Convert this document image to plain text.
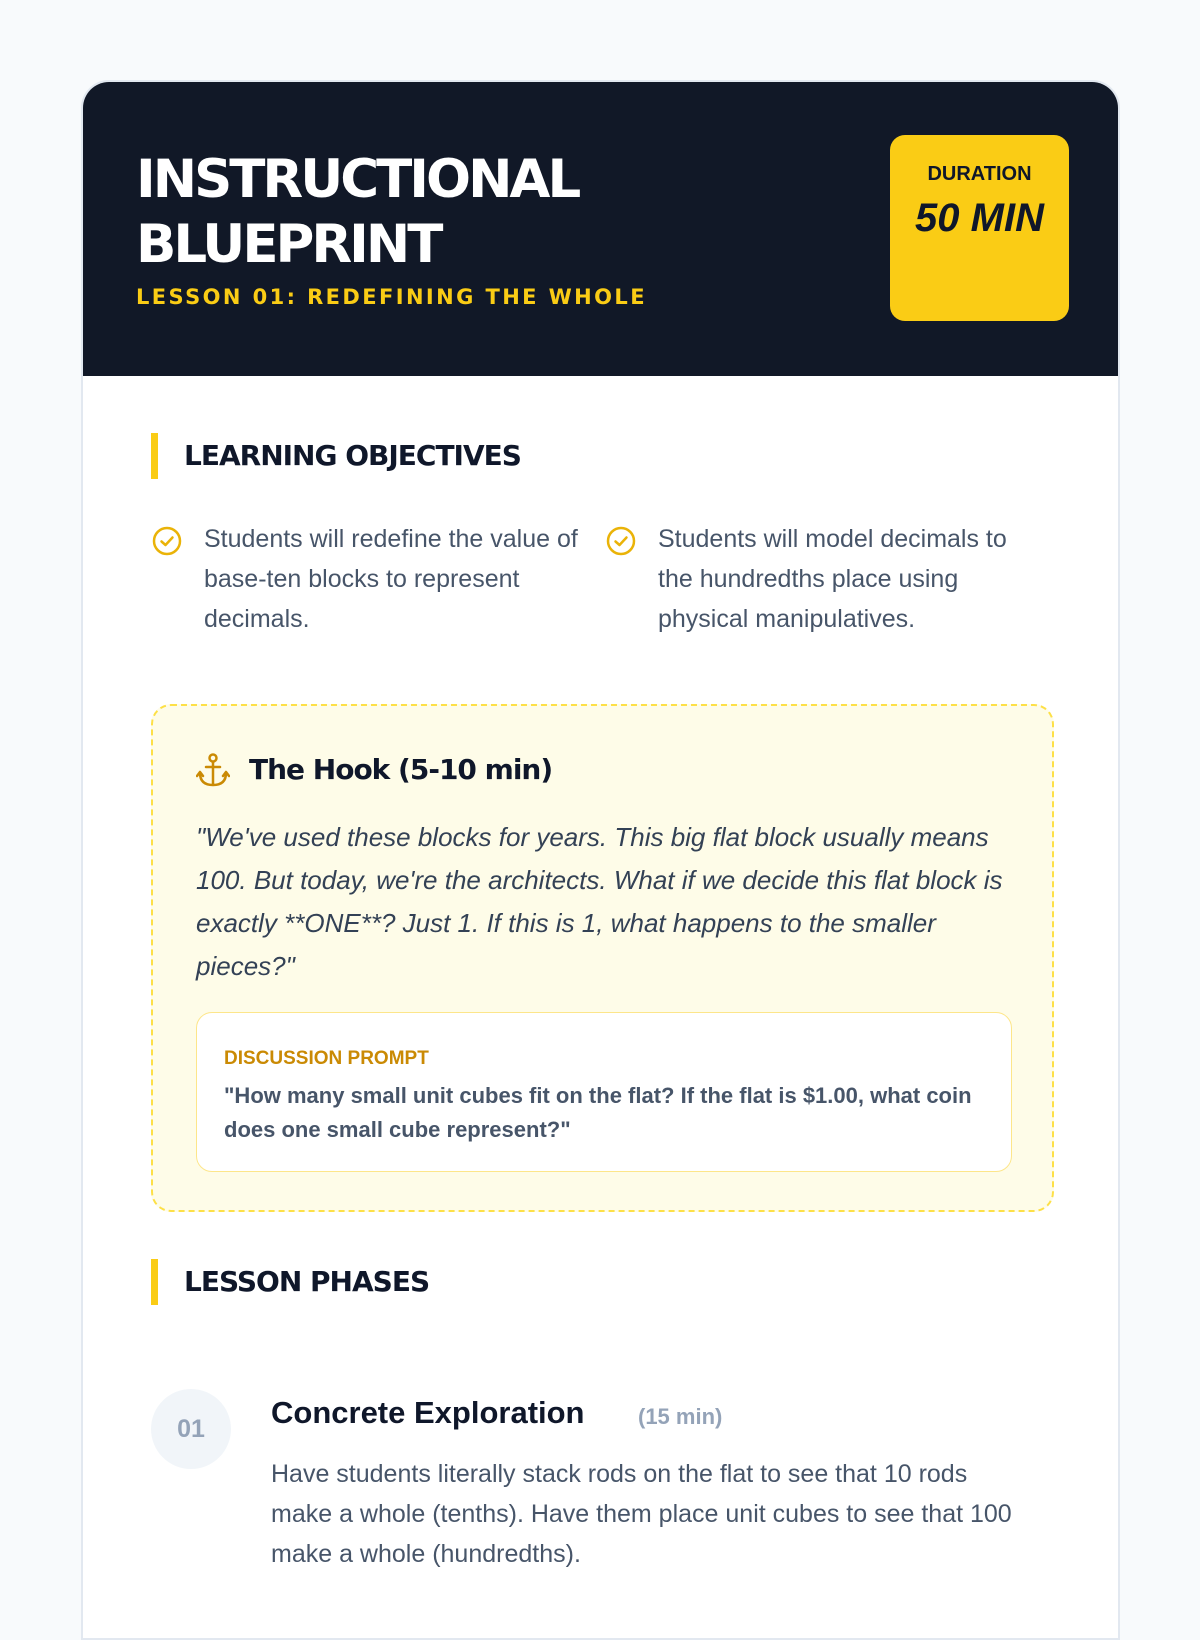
INSTRUCTIONAL BLUEPRINT
LESSON 01: REDEFINING THE WHOLE
DURATION
50 MIN
LEARNING OBJECTIVES
Students will redefine the value of base-ten blocks to represent decimals.
Students will model decimals to the hundredths place using physical manipulatives.
The Hook (5-10 min)
"We've used these blocks for years. This big flat block usually means 100. But today, we're the architects. What if we decide this flat block is exactly **ONE**? Just 1. If this is 1, what happens to the smaller pieces?"
DISCUSSION PROMPT
"How many small unit cubes fit on the flat? If the flat is $1.00, what coin does one small cube represent?"
LESSON PHASES
01	Concrete Exploration (15 min)
Have students literally stack rods on the flat to see that 10 rods make a whole (tenths). Have them place unit cubes to see that 100 make a whole (hundredths).
